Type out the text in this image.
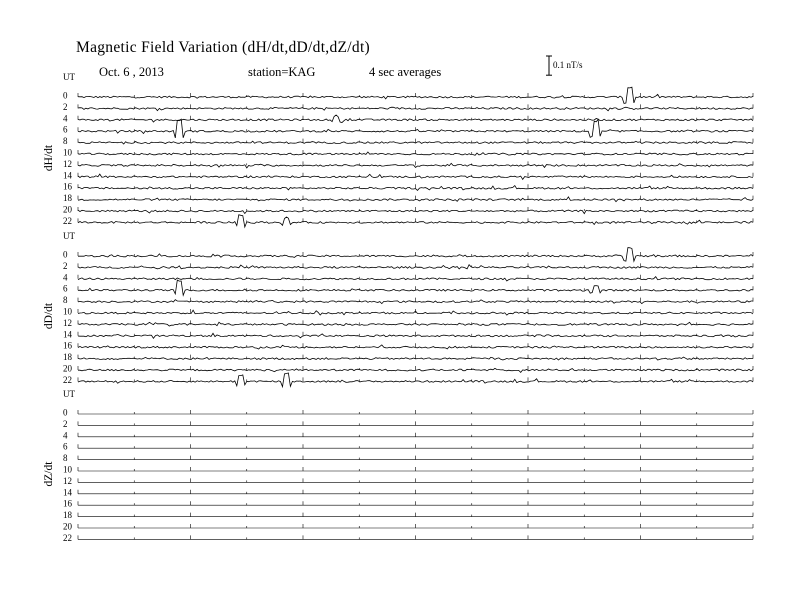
Magnetic Field Variation (dH/dt,dD/dt,dZ/dt)
Oct. 6 , 2013	station=KAG	4 sec averages	0.1 nT/s
UT
dH/dt
0
2
4
6
8
10
12
14
16
18
20
22
UT
dD/dt
0
2
4
6
8
10
12
14
16
18
20
22
UT
dZ/dt
0
2
4
6
8
10
12
14
16
18
20
22
